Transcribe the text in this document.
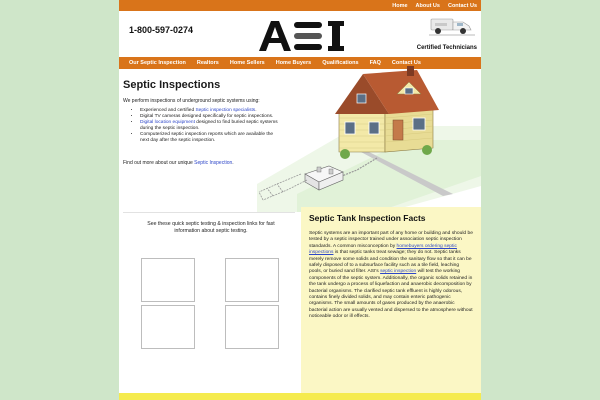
Home About Us Contact Us
1-800-597-0274
Certified Technicians
Our Septic Inspection Realtors Home Sellers Home Buyers Qualifications FAQ Contact Us
Septic Inspections
We perform inspections of underground septic systems using:
• Experienced and certified Septic inspection specialists.
• Digital TV cameras designed specifically for septic inspections.
• Digital location equipment designed to find buried septic systems during the septic inspection.
• Computerized septic inspection reports which are available the next day after the septic inspection.
Find out more about our unique Septic Inspection.
See these quick septic testing & inspection links for fast information about septic testing.
Septic Tank Inspection Facts
Septic systems are an important part of any home or building and should be tested by a septic inspector trained under association septic inspection standards. A common misconception by homebuyers ordering septic inspections is that septic tanks treat sewage; they do not. Septic tanks merely remove some solids and condition the sanitary flow so that it can be safely disposed of to a subsurface facility such as a tile field, leaching pools, or buried sand filter. ASI's septic inspection will test the working components of the septic system. Additionally, the organic solids retained in the tank undergo a process of liquefaction and anaerobic decomposition by bacterial organisms. The clarified septic tank effluent is highly odorous, contains finely divided solids, and may contain enteric pathogenic organisms. The small amounts of gases produced by the anaerobic bacterial action are usually vented and dispersed to the atmosphere without noticeable odor or ill effects.
